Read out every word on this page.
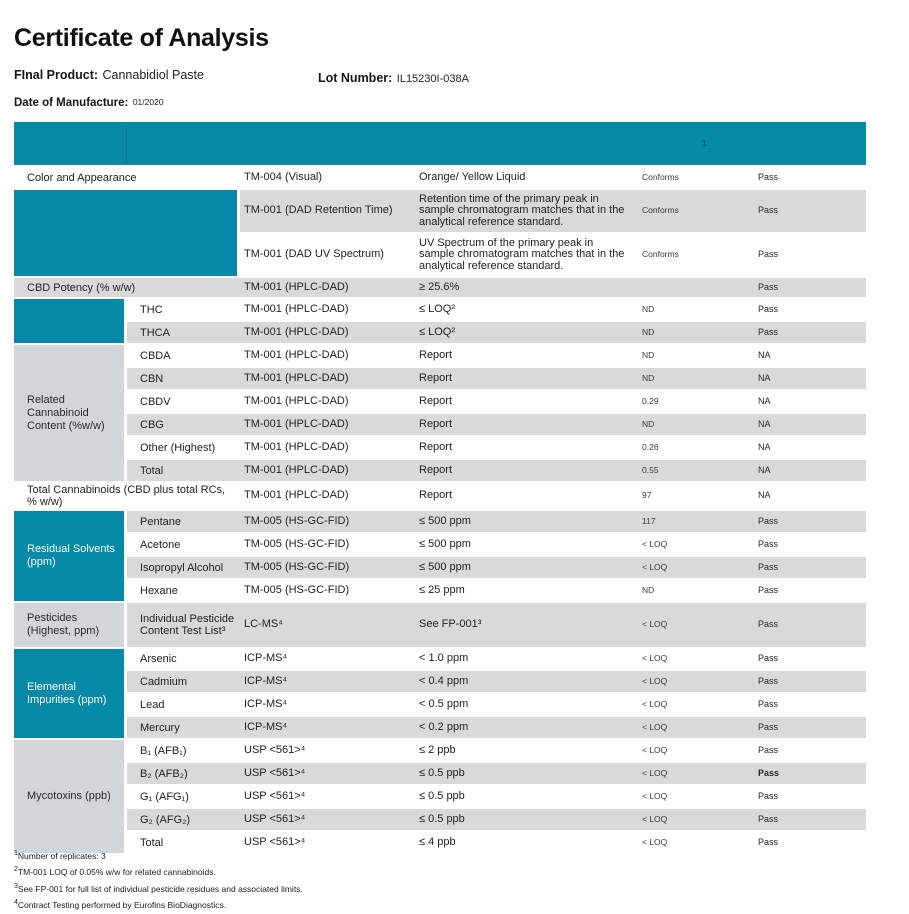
Certificate of Analysis
FInal Product: Cannabidiol Paste	Lot Number: IL15230I-038A
Date of Manufacture: 01/2020
				1	
Color and Appearance		TM-004 (Visual)	Orange/ Yellow Liquid	Conforms	Pass
		TM-001 (DAD Retention Time)	Retention time of the primary peak in sample chromatogram matches that in the analytical reference standard.	Conforms	Pass
		TM-001 (DAD UV Spectrum)	UV Spectrum of the primary peak in sample chromatogram matches that in the analytical reference standard.	Conforms	Pass
CBD Potency (% w/w)		TM-001 (HPLC-DAD)	≥ 25.6%		Pass
	THC	TM-001 (HPLC-DAD)	≤ LOQ²	ND	Pass
	THCA	TM-001 (HPLC-DAD)	≤ LOQ²	ND	Pass
Related Cannabinoid Content (%w/w)	CBDA	TM-001 (HPLC-DAD)	Report	ND	NA
	CBN	TM-001 (HPLC-DAD)	Report	ND	NA
	CBDV	TM-001 (HPLC-DAD)	Report	0.29	NA
	CBG	TM-001 (HPLC-DAD)	Report	ND	NA
	Other (Highest)	TM-001 (HPLC-DAD)	Report	0.26	NA
	Total	TM-001 (HPLC-DAD)	Report	0.55	NA
Total Cannabinoids (CBD plus total RCs, % w/w)		TM-001 (HPLC-DAD)	Report	97	NA
Residual Solvents (ppm)	Pentane	TM-005 (HS-GC-FID)	≤ 500 ppm	117	Pass
	Acetone	TM-005 (HS-GC-FID)	≤ 500 ppm	< LOQ	Pass
	Isopropyl Alcohol	TM-005 (HS-GC-FID)	≤ 500 ppm	< LOQ	Pass
	Hexane	TM-005 (HS-GC-FID)	≤ 25 ppm	ND	Pass
Pesticides (Highest, ppm)	Individual Pesticide Content Test List³	LC-MS⁴	See FP-001³	< LOQ	Pass
Elemental Impurities (ppm)	Arsenic	ICP-MS⁴	< 1.0 ppm	< LOQ	Pass
	Cadmium	ICP-MS⁴	< 0.4 ppm	< LOQ	Pass
	Lead	ICP-MS⁴	< 0.5 ppm	< LOQ	Pass
	Mercury	ICP-MS⁴	< 0.2 ppm	< LOQ	Pass
Mycotoxins (ppb)	B₁ (AFB₁)	USP <561>⁴	≤ 2 ppb	< LOQ	Pass
	B₂ (AFB₂)	USP <561>⁴	≤ 0.5 ppb	< LOQ	Pass
	G₁ (AFG₁)	USP <561>⁴	≤ 0.5 ppb	< LOQ	Pass
	G₂ (AFG₂)	USP <561>⁴	≤ 0.5 ppb	< LOQ	Pass
	Total	USP <561>⁴	≤ 4 ppb	< LOQ	Pass
$^1$Number of replicates: 3
$^2$TM-001 LOQ of 0.05% w/w for related cannabinoids.
$^3$See FP-001 for full list of individual pesticide residues and associated limits.
$^4$Contract Testing performed by Eurofins BioDiagnostics.
